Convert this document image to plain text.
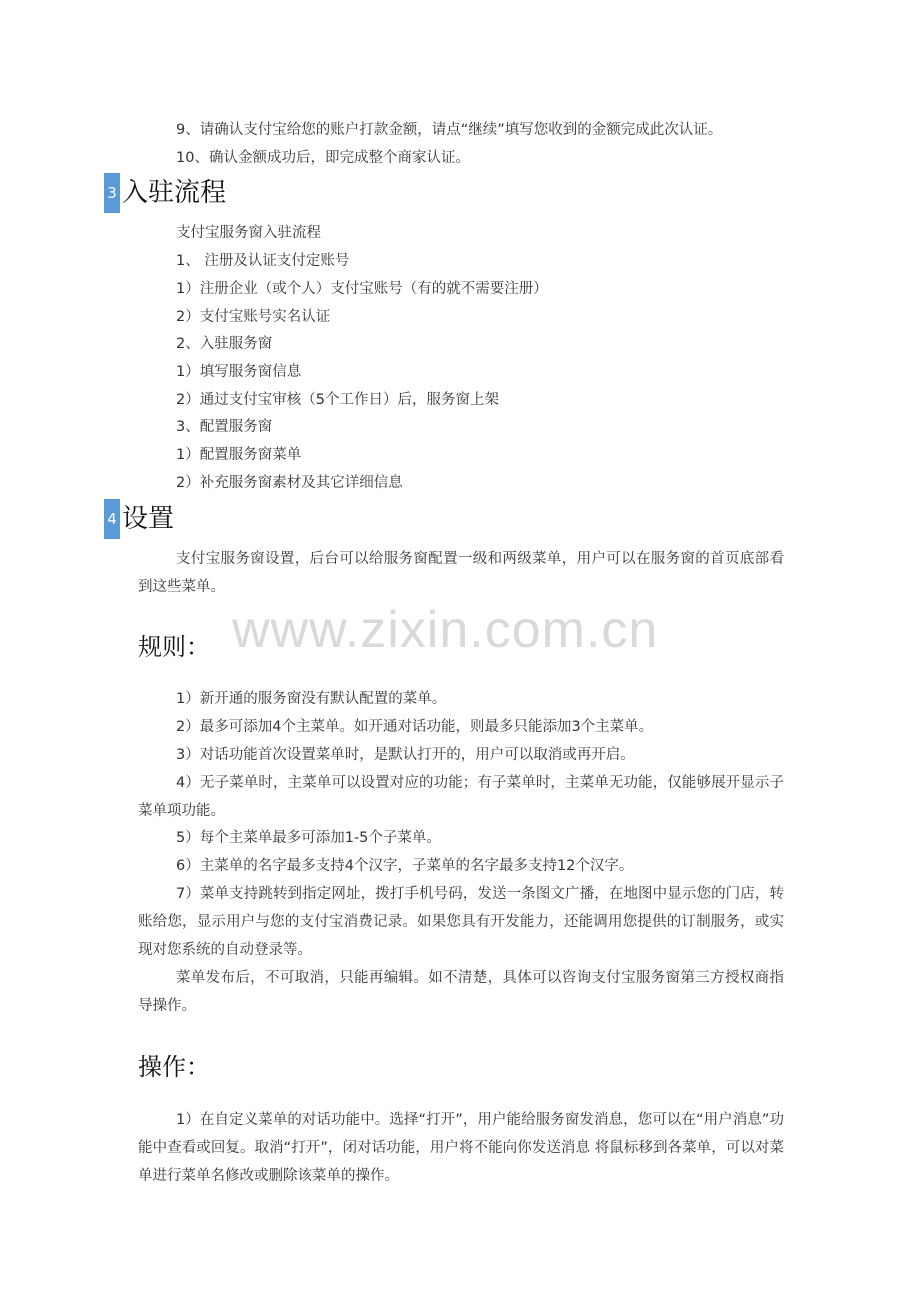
9、请确认支付宝给您的账户打款金额，请点“继续”填写您收到的金额完成此次认证。
10、确认金额成功后，即完成整个商家认证。
3 入驻流程
支付宝服务窗入驻流程
1、 注册及认证支付定账号
1）注册企业（或个人）支付宝账号（有的就不需要注册）
2）支付宝账号实名认证
2、入驻服务窗
1）填写服务窗信息
2）通过支付宝审核（5个工作日）后，服务窗上架
3、配置服务窗
1）配置服务窗菜单
2）补充服务窗素材及其它详细信息
4 设置
支付宝服务窗设置，后台可以给服务窗配置一级和两级菜单，用户可以在服务窗的首页底部看到这些菜单。
www.zixin.com.cn
规则：
1）新开通的服务窗没有默认配置的菜单。
2）最多可添加4个主菜单。如开通对话功能，则最多只能添加3个主菜单。
3）对话功能首次设置菜单时，是默认打开的，用户可以取消或再开启。
4）无子菜单时，主菜单可以设置对应的功能；有子菜单时，主菜单无功能，仅能够展开显示子菜单项功能。
5）每个主菜单最多可添加1-5个子菜单。
6）主菜单的名字最多支持4个汉字，子菜单的名字最多支持12个汉字。
7）菜单支持跳转到指定网址，拨打手机号码，发送一条图文广播，在地图中显示您的门店，转账给您，显示用户与您的支付宝消费记录。如果您具有开发能力，还能调用您提供的订制服务，或实现对您系统的自动登录等。
菜单发布后，不可取消，只能再编辑。如不清楚，具体可以咨询支付宝服务窗第三方授权商指导操作。
操作：
1）在自定义菜单的对话功能中。选择“打开”，用户能给服务窗发消息，您可以在“用户消息”功能中查看或回复。取消“打开”，闭对话功能，用户将不能向你发送消息 将鼠标移到各菜单，可以对菜单进行菜单名修改或删除该菜单的操作。
